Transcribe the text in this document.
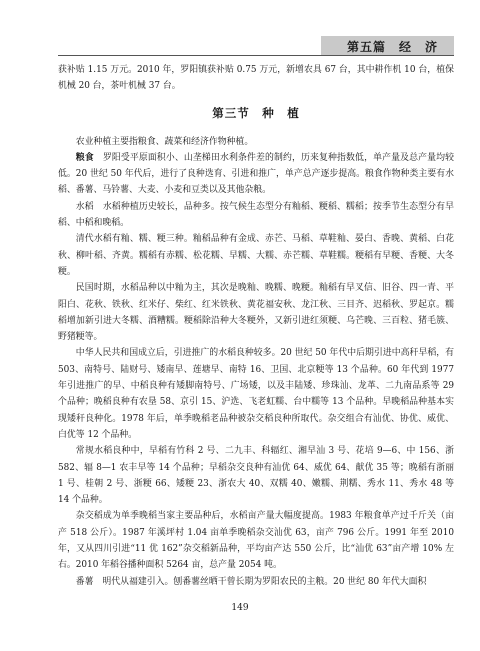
第五篇　经　济

获补贴 1.15 万元。2010 年，罗阳镇获补贴 0.75 万元，新增农具 67 台，其中耕作机 10 台，植保机械 20 台，茶叶机械 37 台。

第三节　种　植

农业种植主要指粮食、蔬菜和经济作物种植。

粮食　罗阳受平原面积小、山垄梯田水利条件差的制约，历来复种指数低，单产量及总产量均较低。20 世纪 50 年代后，进行了良种选育、引进和推广，单产总产逐步提高。粮食作物种类主要有水稻、番薯、马铃薯、大麦、小麦和豆类以及其他杂粮。

水稻　水稻种植历史较长，品种多。按气候生态型分有籼稻、粳稻、糯稻；按季节生态型分有早稻、中稻和晚稻。

清代水稻有籼、糯、粳三种。籼稻品种有金成、赤芒、马稻、草鞋籼、晏白、香晚、黄稻、白花秋、柳叶稻、齐黄。糯稻有赤糯、松花糯、早糯、大糯、赤芒糯、草鞋糯。粳稻有早粳、香粳、大冬粳。

民国时期，水稻品种以中籼为主，其次是晚籼、晚糯、晚粳。籼稻有早叉信、旧谷、四一青、平阳白、花秋、铁秋、红米仔、柴红、红米铁秋、黄花福安秋、龙江秋、三目齐、迟稻秋、罗起京。糯稻增加新引进大冬糯、酒糟糯。粳稻除沿种大冬粳外，又新引进红须粳、乌芒晚、三百粒、猪毛簇、野猪粳等。

中华人民共和国成立后，引进推广的水稻良种较多。20 世纪 50 年代中后期引进中高秆早稻，有 503、南特号、陆财号、矮南早、莲塘早、南特 16、卫国、北京粳等 13 个品种。60 年代到 1977 年引进推广的早、中稻良种有矮脚南特号、广场矮，以及丰陆矮、珍珠汕、龙革、二九南品系等 29 个品种；晚稻良种有农垦 58、京引 15、沪选、飞老虹糯、台中糯等 13 个品种。早晚稻品种基本实现矮秆良种化。1978 年后，单季晚稻老品种被杂交稻良种所取代。杂交组合有汕优、协优、威优、白优等 12 个品种。

常规水稻良种中，早稻有竹科 2 号、二九丰、科辐红、湘早汕 3 号、花培 9—6、中 156、浙 582、辐 8—1 农丰早等 14 个品种；早稻杂交良种有汕优 64、威优 64、献优 35 等；晚稻有浙丽 1 号、桂朝 2 号、浙粳 66、矮粳 23、浙农大 40、双糯 40、嫩糯、荆糯、秀水 11、秀水 48 等 14 个品种。

杂交稻成为单季晚稻当家主要品种后，水稻亩产量大幅度提高。1983 年粮食单产过千斤关（亩产 518 公斤）。1987 年溪坪村 1.04 亩单季晚稻杂交汕优 63，亩产 796 公斤。1991 年至 2010 年，又从四川引进“11 优 162”杂交稻新品种，平均亩产达 550 公斤，比“汕优 63”亩产增 10% 左右。2010 年稻谷播种面积 5264 亩，总产量 2054 吨。

番薯　明代从福建引入。刨番薯丝晒干曾长期为罗阳农民的主粮。20 世纪 80 年代大面积

149
